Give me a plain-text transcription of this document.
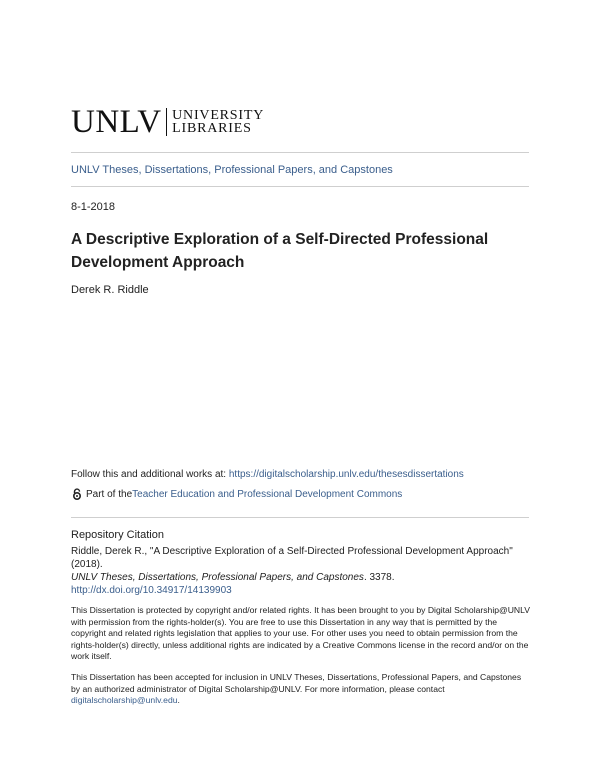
UNLV UNIVERSITY
LIBRARIES
UNLV Theses, Dissertations, Professional Papers, and Capstones
8-1-2018
A Descriptive Exploration of a Self-Directed Professional Development Approach
Derek R. Riddle
Follow this and additional works at: https://digitalscholarship.unlv.edu/thesesdissertations
Part of the Teacher Education and Professional Development Commons
Repository Citation
Riddle, Derek R., "A Descriptive Exploration of a Self-Directed Professional Development Approach" (2018).
UNLV Theses, Dissertations, Professional Papers, and Capstones. 3378.
http://dx.doi.org/10.34917/14139903
This Dissertation is protected by copyright and/or related rights. It has been brought to you by Digital Scholarship@UNLV with permission from the rights-holder(s). You are free to use this Dissertation in any way that is permitted by the copyright and related rights legislation that applies to your use. For other uses you need to obtain permission from the rights-holder(s) directly, unless additional rights are indicated by a Creative Commons license in the record and/or on the work itself.
This Dissertation has been accepted for inclusion in UNLV Theses, Dissertations, Professional Papers, and Capstones by an authorized administrator of Digital Scholarship@UNLV. For more information, please contact digitalscholarship@unlv.edu.
